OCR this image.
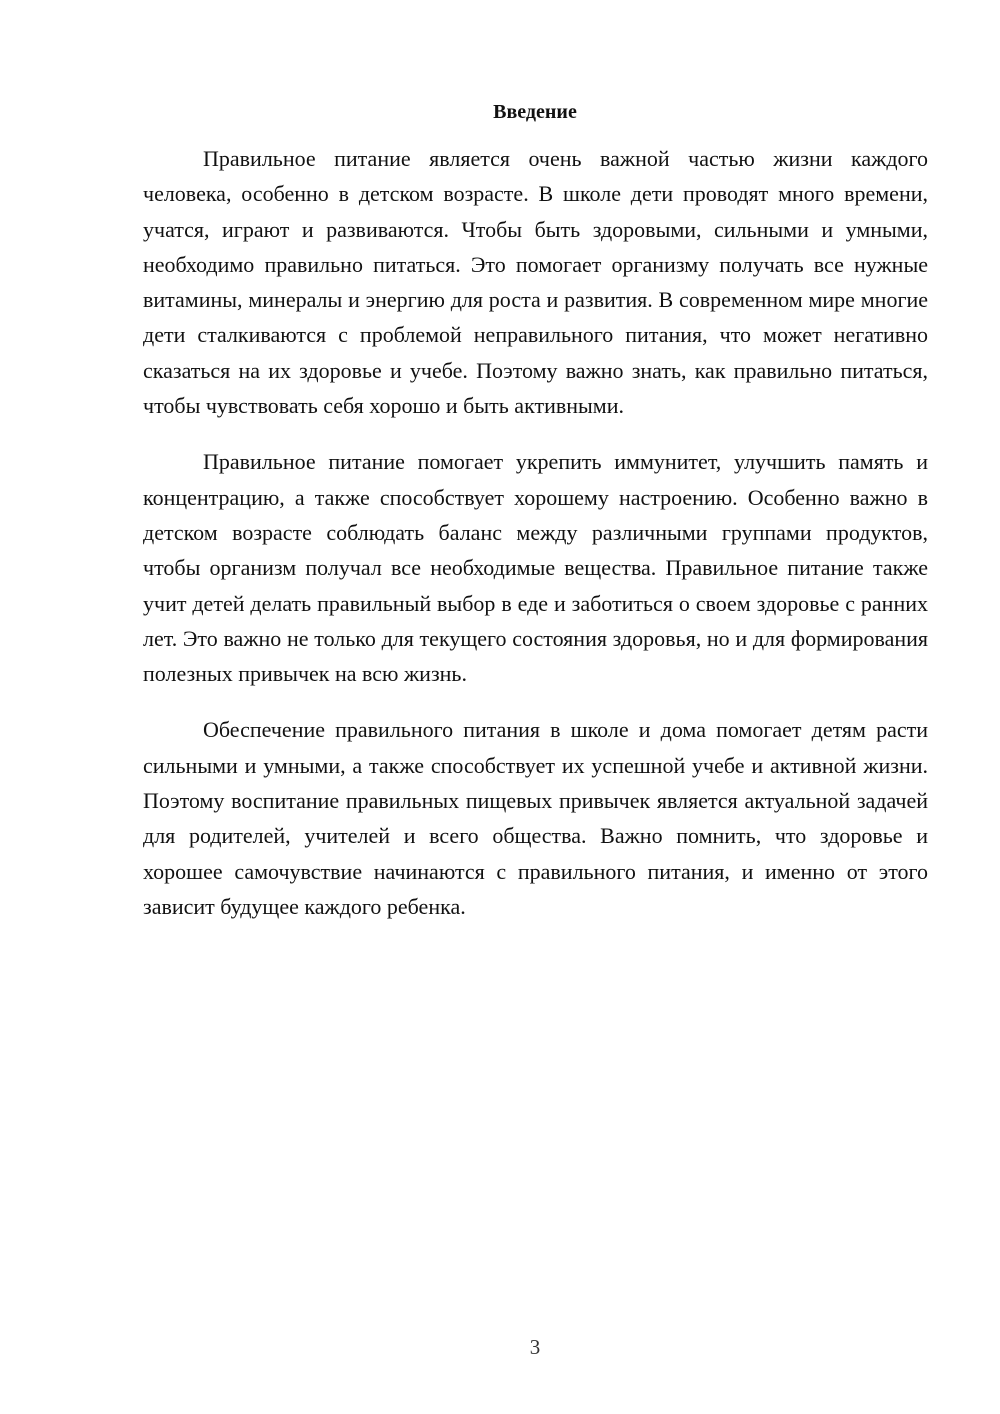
Введение

Правильное питание является очень важной частью жизни каждого человека, особенно в детском возрасте. В школе дети проводят много времени, учатся, играют и развиваются. Чтобы быть здоровыми, сильными и умными, необходимо правильно питаться. Это помогает организму получать все нужные витамины, минералы и энергию для роста и развития. В современном мире многие дети сталкиваются с проблемой неправильного питания, что может негативно сказаться на их здоровье и учебе. Поэтому важно знать, как правильно питаться, чтобы чувствовать себя хорошо и быть активными.

Правильное питание помогает укрепить иммунитет, улучшить память и концентрацию, а также способствует хорошему настроению. Особенно важно в детском возрасте соблюдать баланс между различными группами продуктов, чтобы организм получал все необходимые вещества. Правильное питание также учит детей делать правильный выбор в еде и заботиться о своем здоровье с ранних лет. Это важно не только для текущего состояния здоровья, но и для формирования полезных привычек на всю жизнь.

Обеспечение правильного питания в школе и дома помогает детям расти сильными и умными, а также способствует их успешной учебе и активной жизни. Поэтому воспитание правильных пищевых привычек является актуальной задачей для родителей, учителей и всего общества. Важно помнить, что здоровье и хорошее самочувствие начинаются с правильного питания, и именно от этого зависит будущее каждого ребенка.

3
